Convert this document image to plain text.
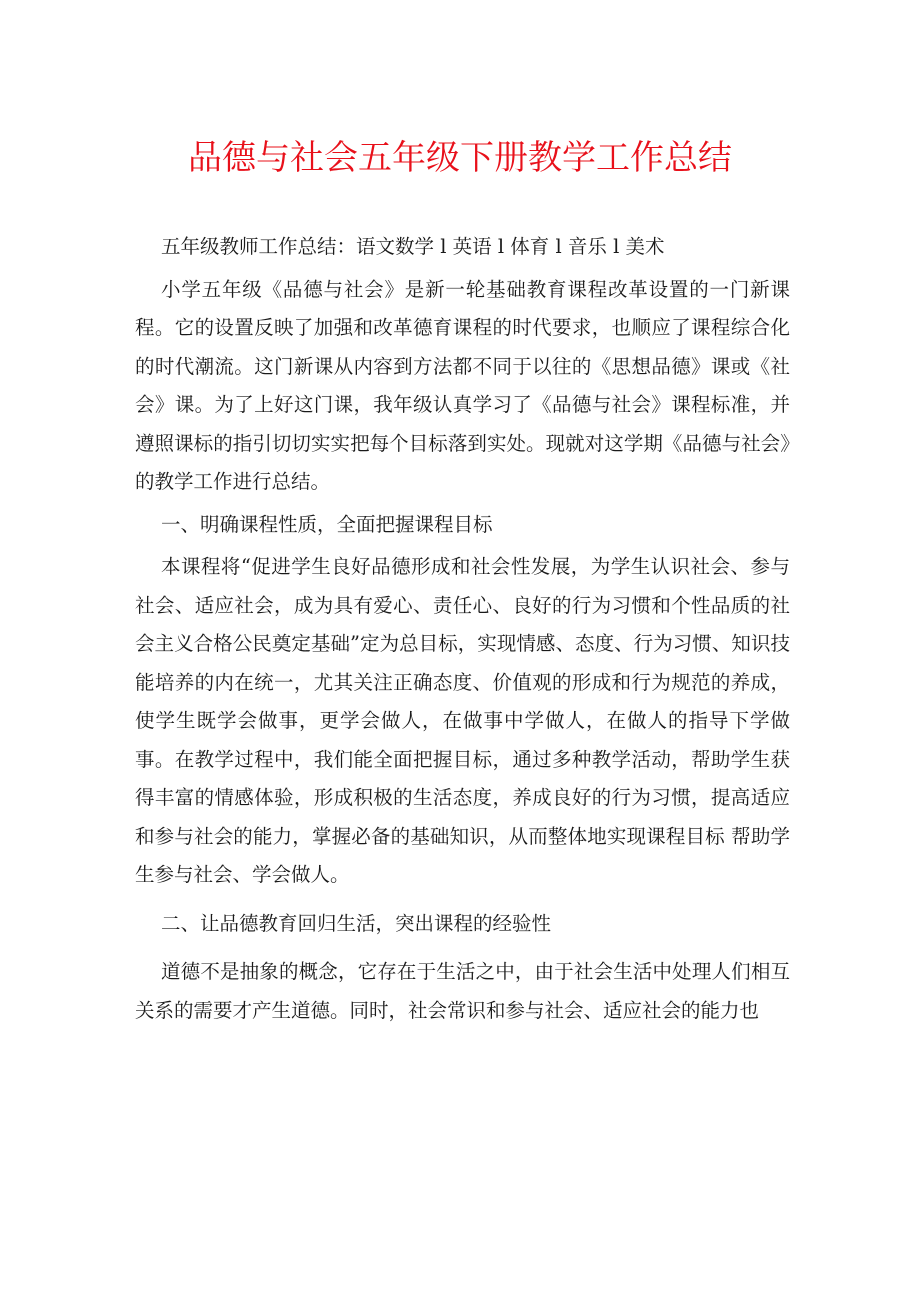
品德与社会五年级下册教学工作总结

五年级教师工作总结：语文数学 l 英语 l 体育 l 音乐 l 美术

小学五年级《品德与社会》是新一轮基础教育课程改革设置的一门新课程。它的设置反映了加强和改革德育课程的时代要求，也顺应了课程综合化的时代潮流。这门新课从内容到方法都不同于以往的《思想品德》课或《社会》课。为了上好这门课，我年级认真学习了《品德与社会》课程标准，并遵照课标的指引切切实实把每个目标落到实处。现就对这学期《品德与社会》的教学工作进行总结。

一、明确课程性质，全面把握课程目标

本课程将“促进学生良好品德形成和社会性发展，为学生认识社会、参与社会、适应社会，成为具有爱心、责任心、良好的行为习惯和个性品质的社会主义合格公民奠定基础”定为总目标，实现情感、态度、行为习惯、知识技能培养的内在统一，尤其关注正确态度、价值观的形成和行为规范的养成，使学生既学会做事，更学会做人，在做事中学做人，在做人的指导下学做事。在教学过程中，我们能全面把握目标，通过多种教学活动，帮助学生获得丰富的情感体验，形成积极的生活态度，养成良好的行为习惯，提高适应和参与社会的能力，掌握必备的基础知识，从而整体地实现课程目标 帮助学生参与社会、学会做人。

二、让品德教育回归生活，突出课程的经验性

道德不是抽象的概念，它存在于生活之中，由于社会生活中处理人们相互关系的需要才产生道德。同时，社会常识和参与社会、适应社会的能力也
